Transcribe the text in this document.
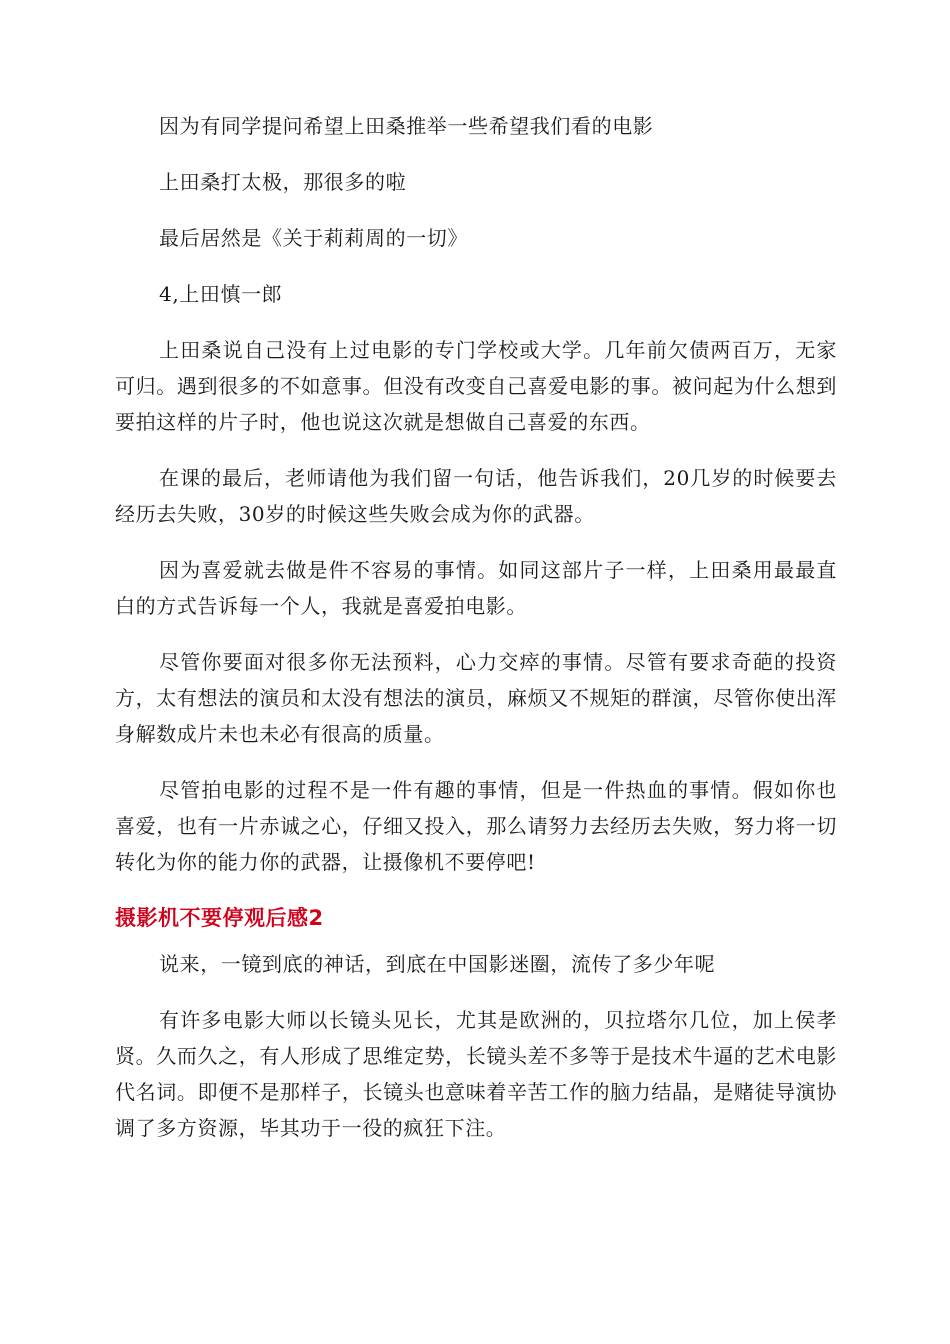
因为有同学提问希望上田桑推举一些希望我们看的电影

上田桑打太极，那很多的啦

最后居然是《关于莉莉周的一切》

4,上田慎一郎

上田桑说自己没有上过电影的专门学校或大学。几年前欠债两百万，无家可归。遇到很多的不如意事。但没有改变自己喜爱电影的事。被问起为什么想到要拍这样的片子时，他也说这次就是想做自己喜爱的东西。

在课的最后，老师请他为我们留一句话，他告诉我们，20几岁的时候要去经历去失败，30岁的时候这些失败会成为你的武器。

因为喜爱就去做是件不容易的事情。如同这部片子一样，上田桑用最最直白的方式告诉每一个人，我就是喜爱拍电影。

尽管你要面对很多你无法预料，心力交瘁的事情。尽管有要求奇葩的投资方，太有想法的演员和太没有想法的演员，麻烦又不规矩的群演，尽管你使出浑身解数成片未也未必有很高的质量。

尽管拍电影的过程不是一件有趣的事情，但是一件热血的事情。假如你也喜爱，也有一片赤诚之心，仔细又投入，那么请努力去经历去失败，努力将一切转化为你的能力你的武器，让摄像机不要停吧!

摄影机不要停观后感2

说来，一镜到底的神话，到底在中国影迷圈，流传了多少年呢

有许多电影大师以长镜头见长，尤其是欧洲的，贝拉塔尔几位，加上侯孝贤。久而久之，有人形成了思维定势，长镜头差不多等于是技术牛逼的艺术电影代名词。即便不是那样子，长镜头也意味着辛苦工作的脑力结晶，是赌徒导演协调了多方资源，毕其功于一役的疯狂下注。
